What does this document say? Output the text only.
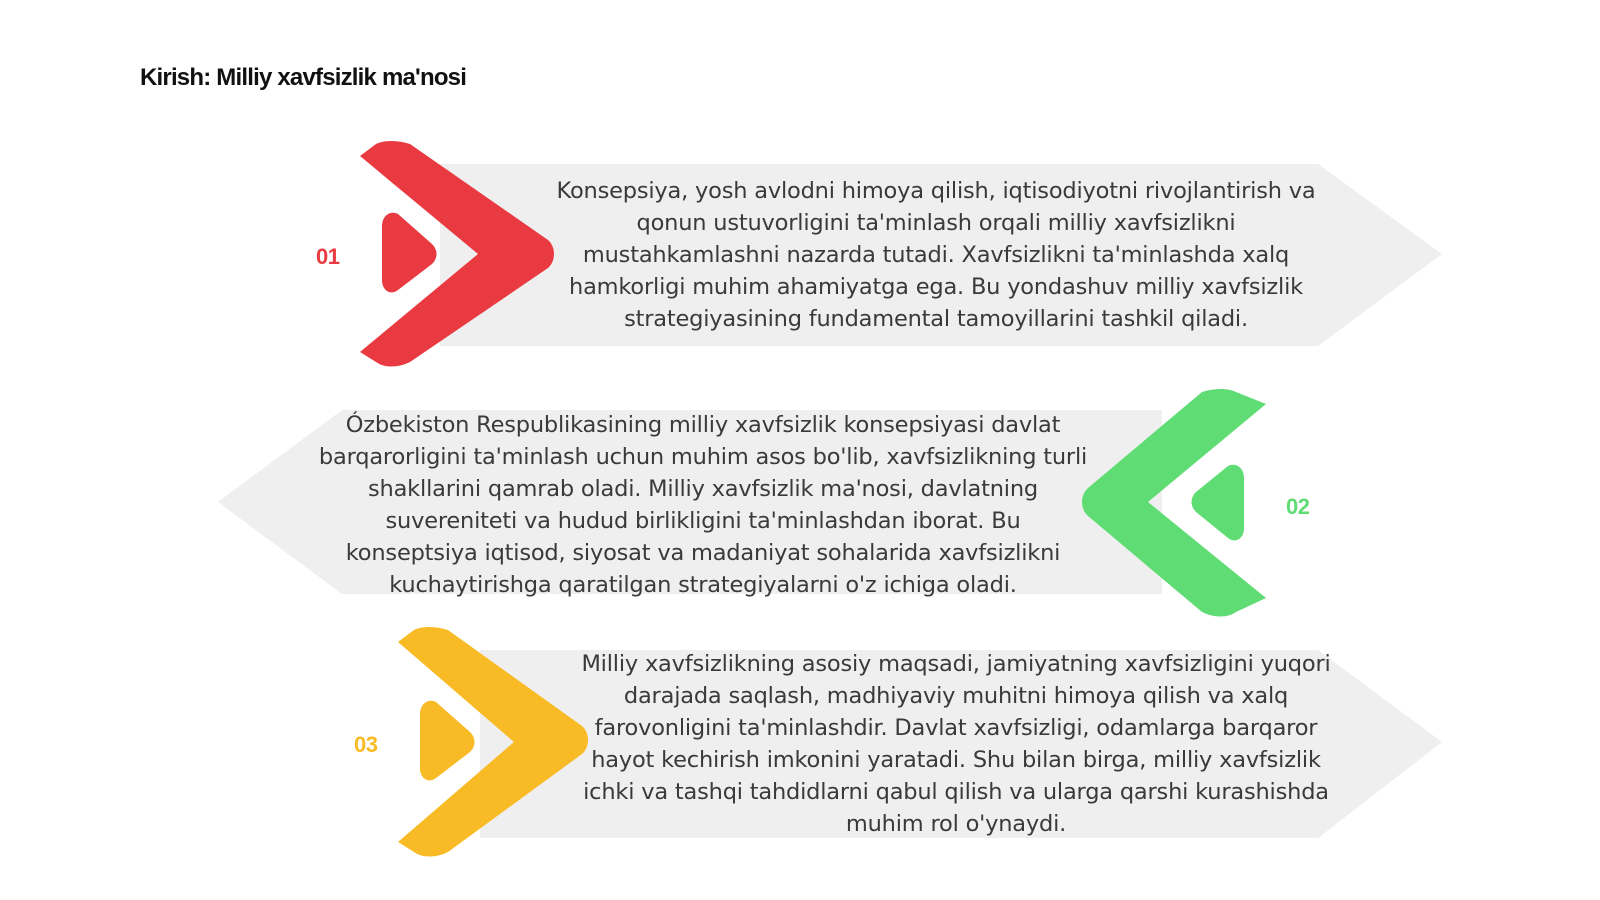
Kirish: Milliy xavfsizlik ma'nosi
01
02
03
Konsepsiya, yosh avlodni himoya qilish, iqtisodiyotni rivojlantirish va qonun ustuvorligini ta'minlash orqali milliy xavfsizlikni mustahkamlashni nazarda tutadi. Xavfsizlikni ta'minlashda xalq hamkorligi muhim ahamiyatga ega. Bu yondashuv milliy xavfsizlik strategiyasining fundamental tamoyillarini tashkil qiladi.
Ózbekiston Respublikasining milliy xavfsizlik konsepsiyasi davlat barqarorligini ta'minlash uchun muhim asos bo'lib, xavfsizlikning turli shakllarini qamrab oladi. Milliy xavfsizlik ma'nosi, davlatning suvereniteti va hudud birlikligini ta'minlashdan iborat. Bu konseptsiya iqtisod, siyosat va madaniyat sohalarida xavfsizlikni kuchaytirishga qaratilgan strategiyalarni o'z ichiga oladi.
Milliy xavfsizlikning asosiy maqsadi, jamiyatning xavfsizligini yuqori darajada saqlash, madhiyaviy muhitni himoya qilish va xalq farovonligini ta'minlashdir. Davlat xavfsizligi, odamlarga barqaror hayot kechirish imkonini yaratadi. Shu bilan birga, milliy xavfsizlik ichki va tashqi tahdidlarni qabul qilish va ularga qarshi kurashishda muhim rol o'ynaydi.
